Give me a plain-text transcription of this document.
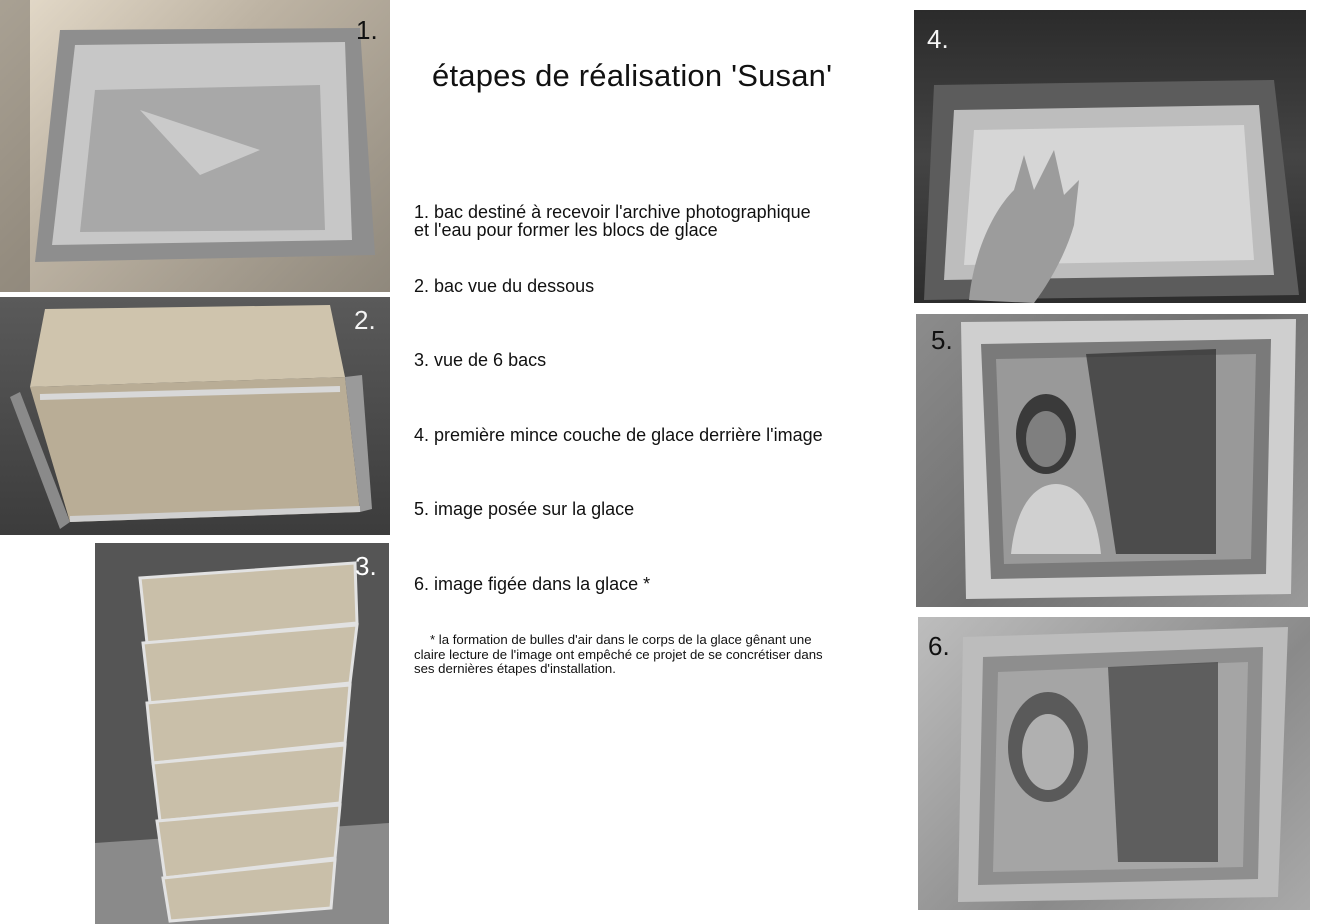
1.
2.
3.
étapes de réalisation 'Susan'
1. bac destiné à recevoir l'archive photographique
et l'eau pour former les blocs de glace
2. bac vue du dessous
3. vue de 6 bacs
4. première mince couche de glace derrière l'image
5. image posée sur la glace
6. image figée dans la glace *
* la formation de bulles d'air dans le corps de la glace gênant une
claire lecture de l'image ont empêché ce projet de se concrétiser dans
ses dernières étapes d'installation.
4.
5.
6.
